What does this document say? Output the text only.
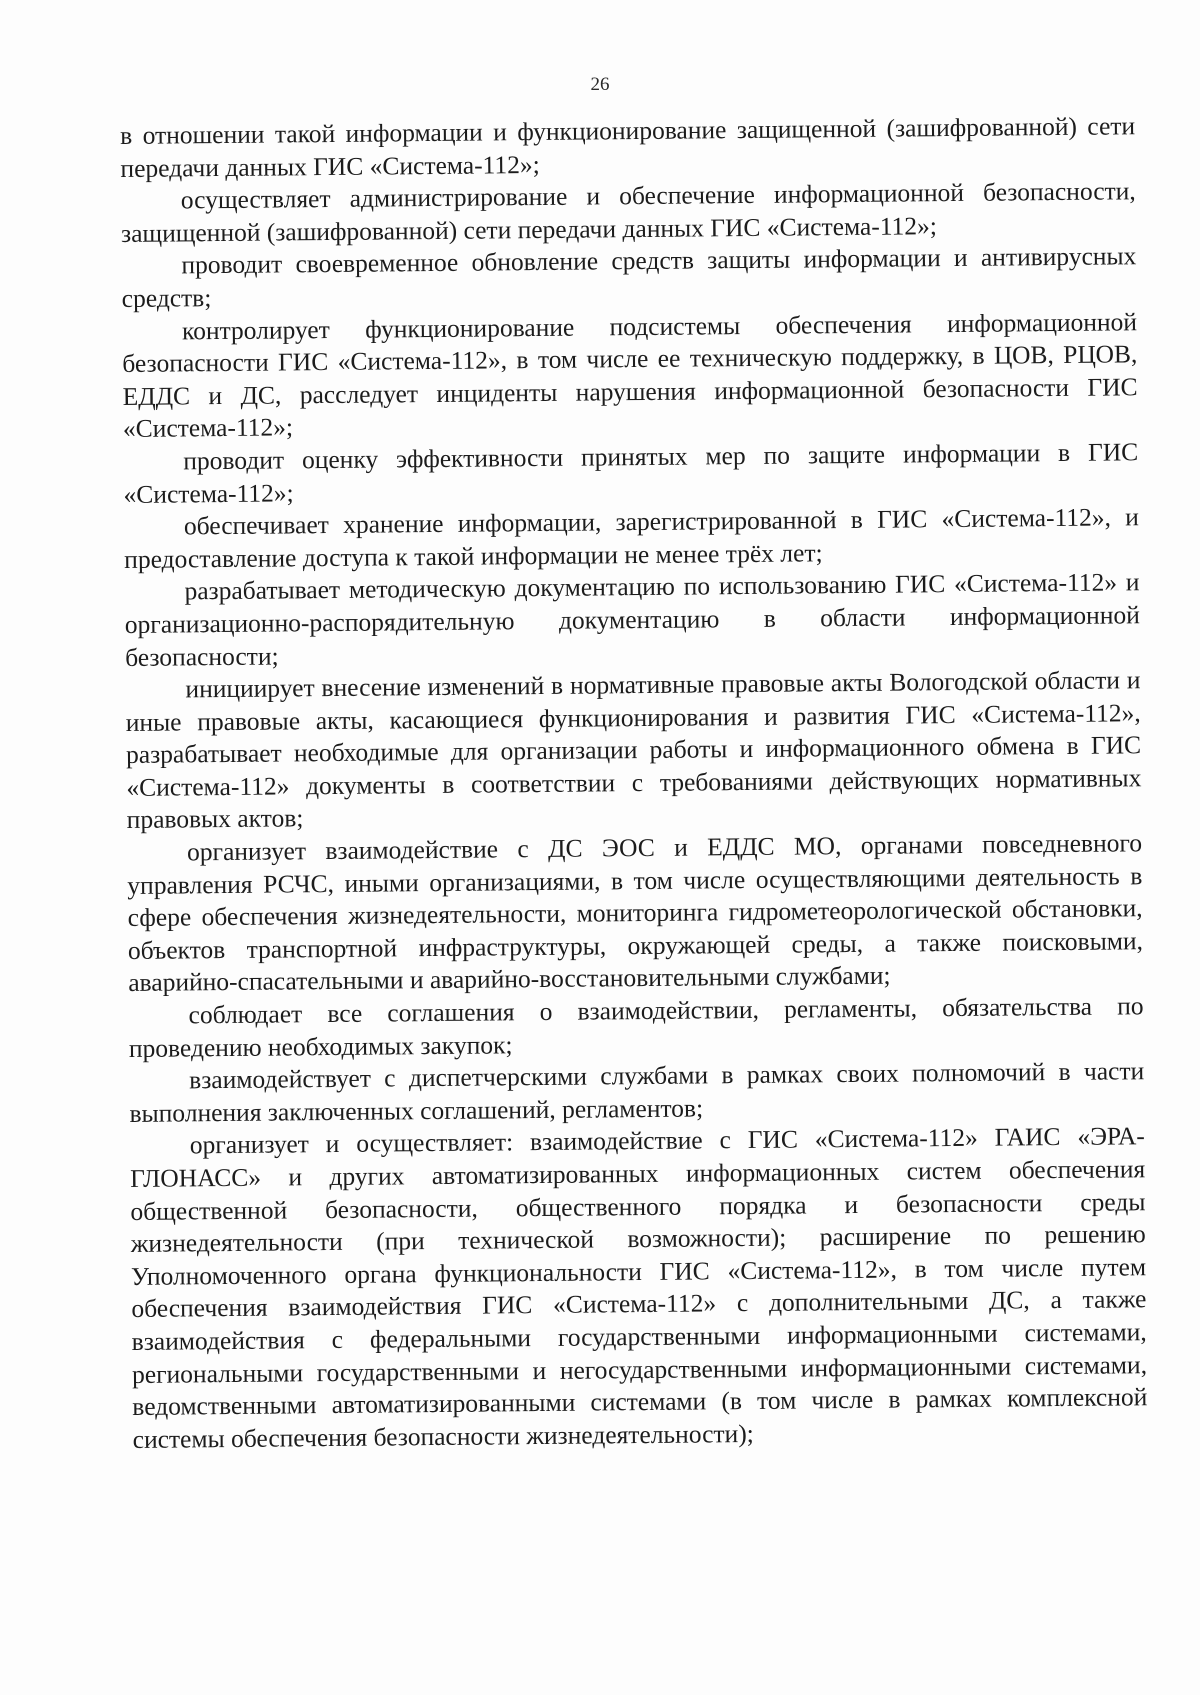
26

в отношении такой информации и функционирование защищенной (зашифрованной) сети передачи данных ГИС «Система-112»;

осуществляет администрирование и обеспечение информационной безопасности, защищенной (зашифрованной) сети передачи данных ГИС «Система-112»;

проводит своевременное обновление средств защиты информации и антивирусных средств;

контролирует функционирование подсистемы обеспечения информационной безопасности ГИС «Система-112», в том числе ее техническую поддержку, в ЦОВ, РЦОВ, ЕДДС и ДС, расследует инциденты нарушения информационной безопасности ГИС «Система-112»;

проводит оценку эффективности принятых мер по защите информации в ГИС «Система-112»;

обеспечивает хранение информации, зарегистрированной в ГИС «Система-112», и предоставление доступа к такой информации не менее трёх лет;

разрабатывает методическую документацию по использованию ГИС «Система-112» и организационно-распорядительную документацию в области информационной безопасности;

инициирует внесение изменений в нормативные правовые акты Вологодской области и иные правовые акты, касающиеся функционирования и развития ГИС «Система-112», разрабатывает необходимые для организации работы и информационного обмена в ГИС «Система-112» документы в соответствии с требованиями действующих нормативных правовых актов;

организует взаимодействие с ДС ЭОС и ЕДДС МО, органами повседневного управления РСЧС, иными организациями, в том числе осуществляющими деятельность в сфере обеспечения жизнедеятельности, мониторинга гидрометеорологической обстановки, объектов транспортной инфраструктуры, окружающей среды, а также поисковыми, аварийно-спасательными и аварийно-восстановительными службами;

соблюдает все соглашения о взаимодействии, регламенты, обязательства по проведению необходимых закупок;

взаимодействует с диспетчерскими службами в рамках своих полномочий в части выполнения заключенных соглашений, регламентов;

организует и осуществляет: взаимодействие с ГИС «Система-112» ГАИС «ЭРА-ГЛОНАСС» и других автоматизированных информационных систем обеспечения общественной безопасности, общественного порядка и безопасности среды жизнедеятельности (при технической возможности); расширение по решению Уполномоченного органа функциональности ГИС «Система-112», в том числе путем обеспечения взаимодействия ГИС «Система-112» с дополнительными ДС, а также взаимодействия с федеральными государственными информационными системами, региональными государственными и негосударственными информационными системами, ведомственными автоматизированными системами (в том числе в рамках комплексной системы обеспечения безопасности жизнедеятельности);
